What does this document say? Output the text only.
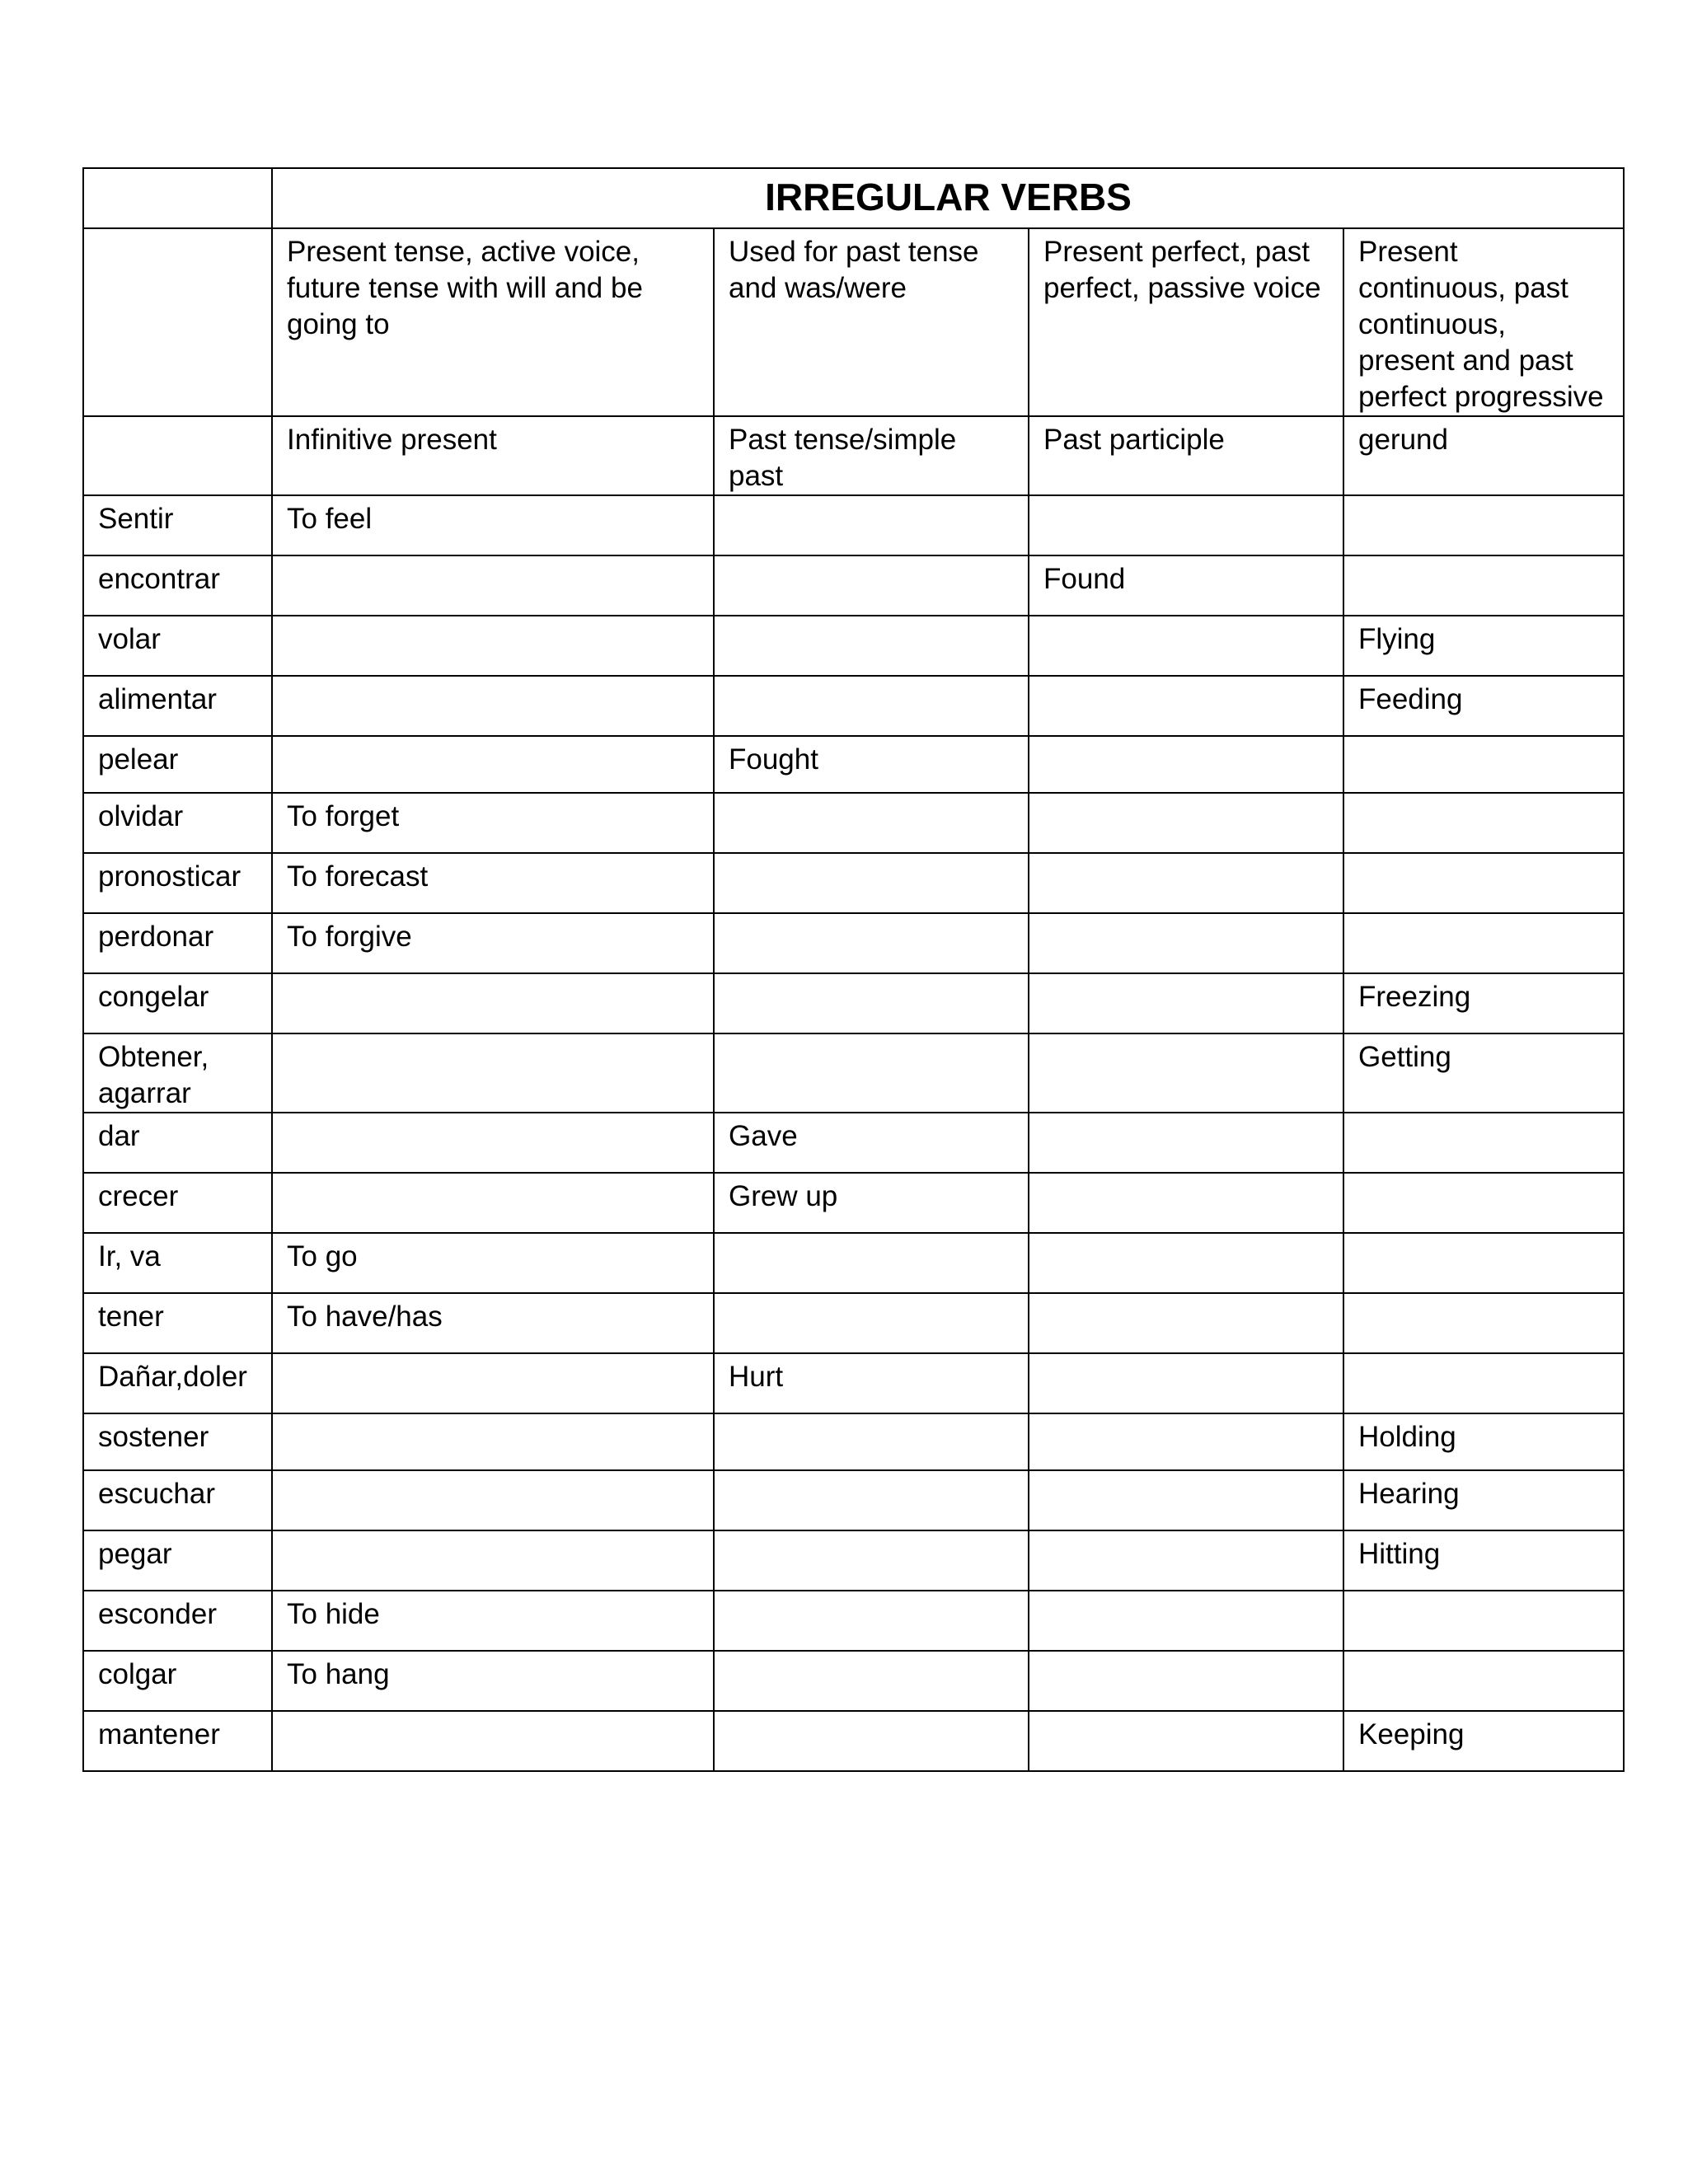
	IRREGULAR VERBS			
	Present tense, active voice, future tense with will and be going to	Used for past tense and was/were	Present perfect, past perfect, passive voice	Present continuous, past continuous, present and past perfect progressive
	Infinitive present	Past tense/simple past	Past participle	gerund
Sentir	To feel			
encontrar			Found	
volar				Flying
alimentar				Feeding
pelear		Fought		
olvidar	To forget			
pronosticar	To forecast			
perdonar	To forgive			
congelar				Freezing
Obtener, agarrar				Getting
dar		Gave		
crecer		Grew up		
Ir, va	To go			
tener	To have/has			
Dañar,doler		Hurt		
sostener				Holding
escuchar				Hearing
pegar				Hitting
esconder	To hide			
colgar	To hang			
mantener				Keeping
